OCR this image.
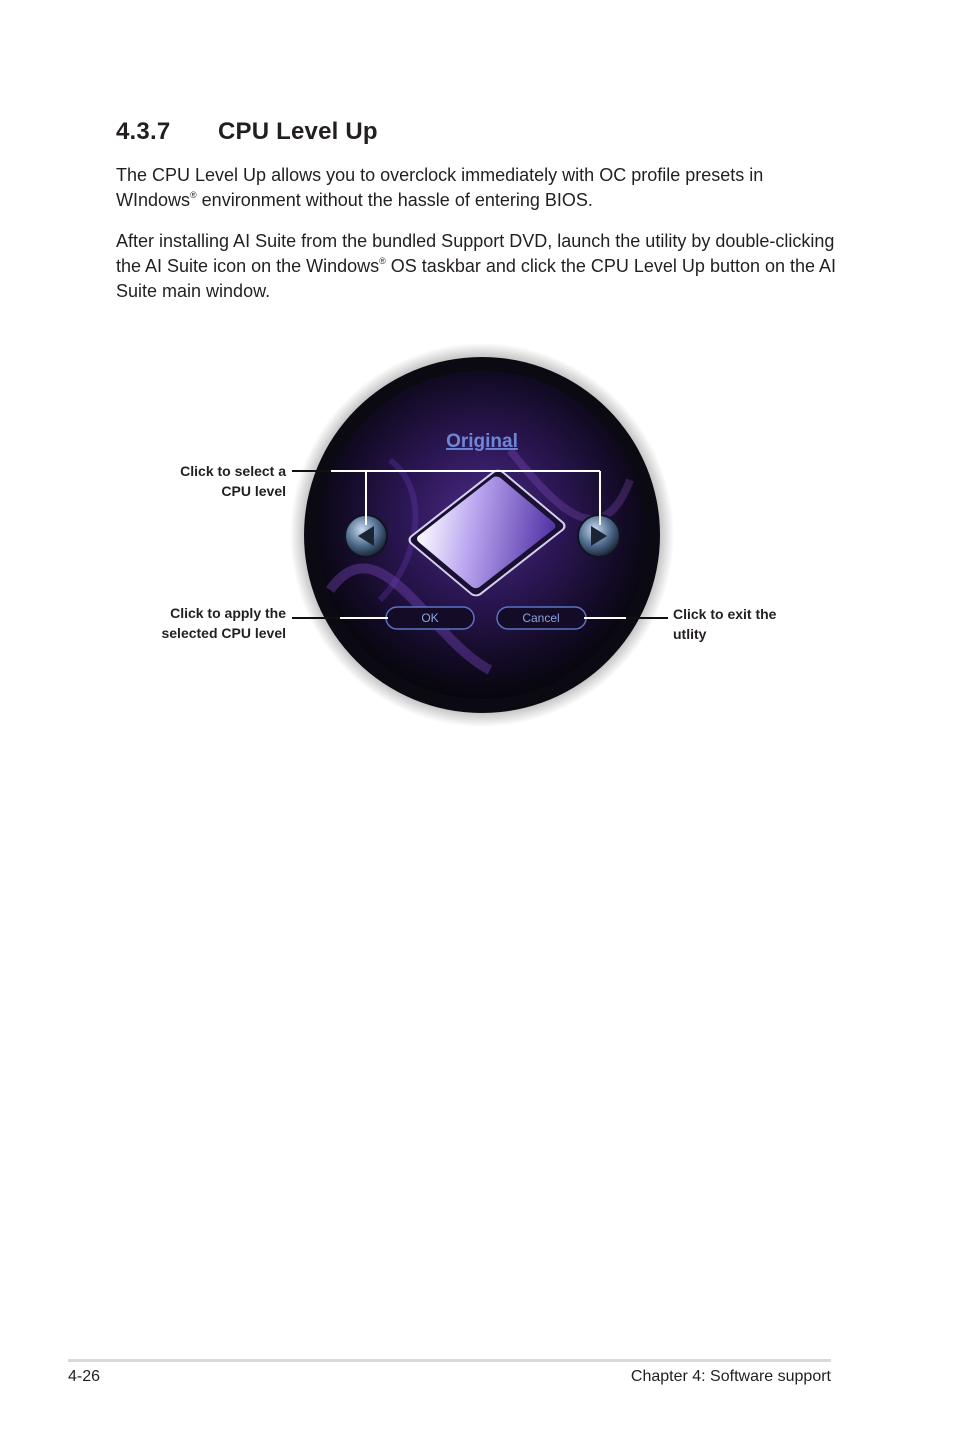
4.3.7 CPU Level Up

The CPU Level Up allows you to overclock immediately with OC profile presets in WIndows® environment without the hassle of entering BIOS.

After installing AI Suite from the bundled Support DVD, launch the utility by double-clicking the AI Suite icon on the Windows® OS taskbar and click the CPU Level Up button on the AI Suite main window.

Original
OK	Cancel

Click to select a
CPU level

Click to apply the
selected CPU level

Click to exit the
utlity

4-26	Chapter 4: Software support
